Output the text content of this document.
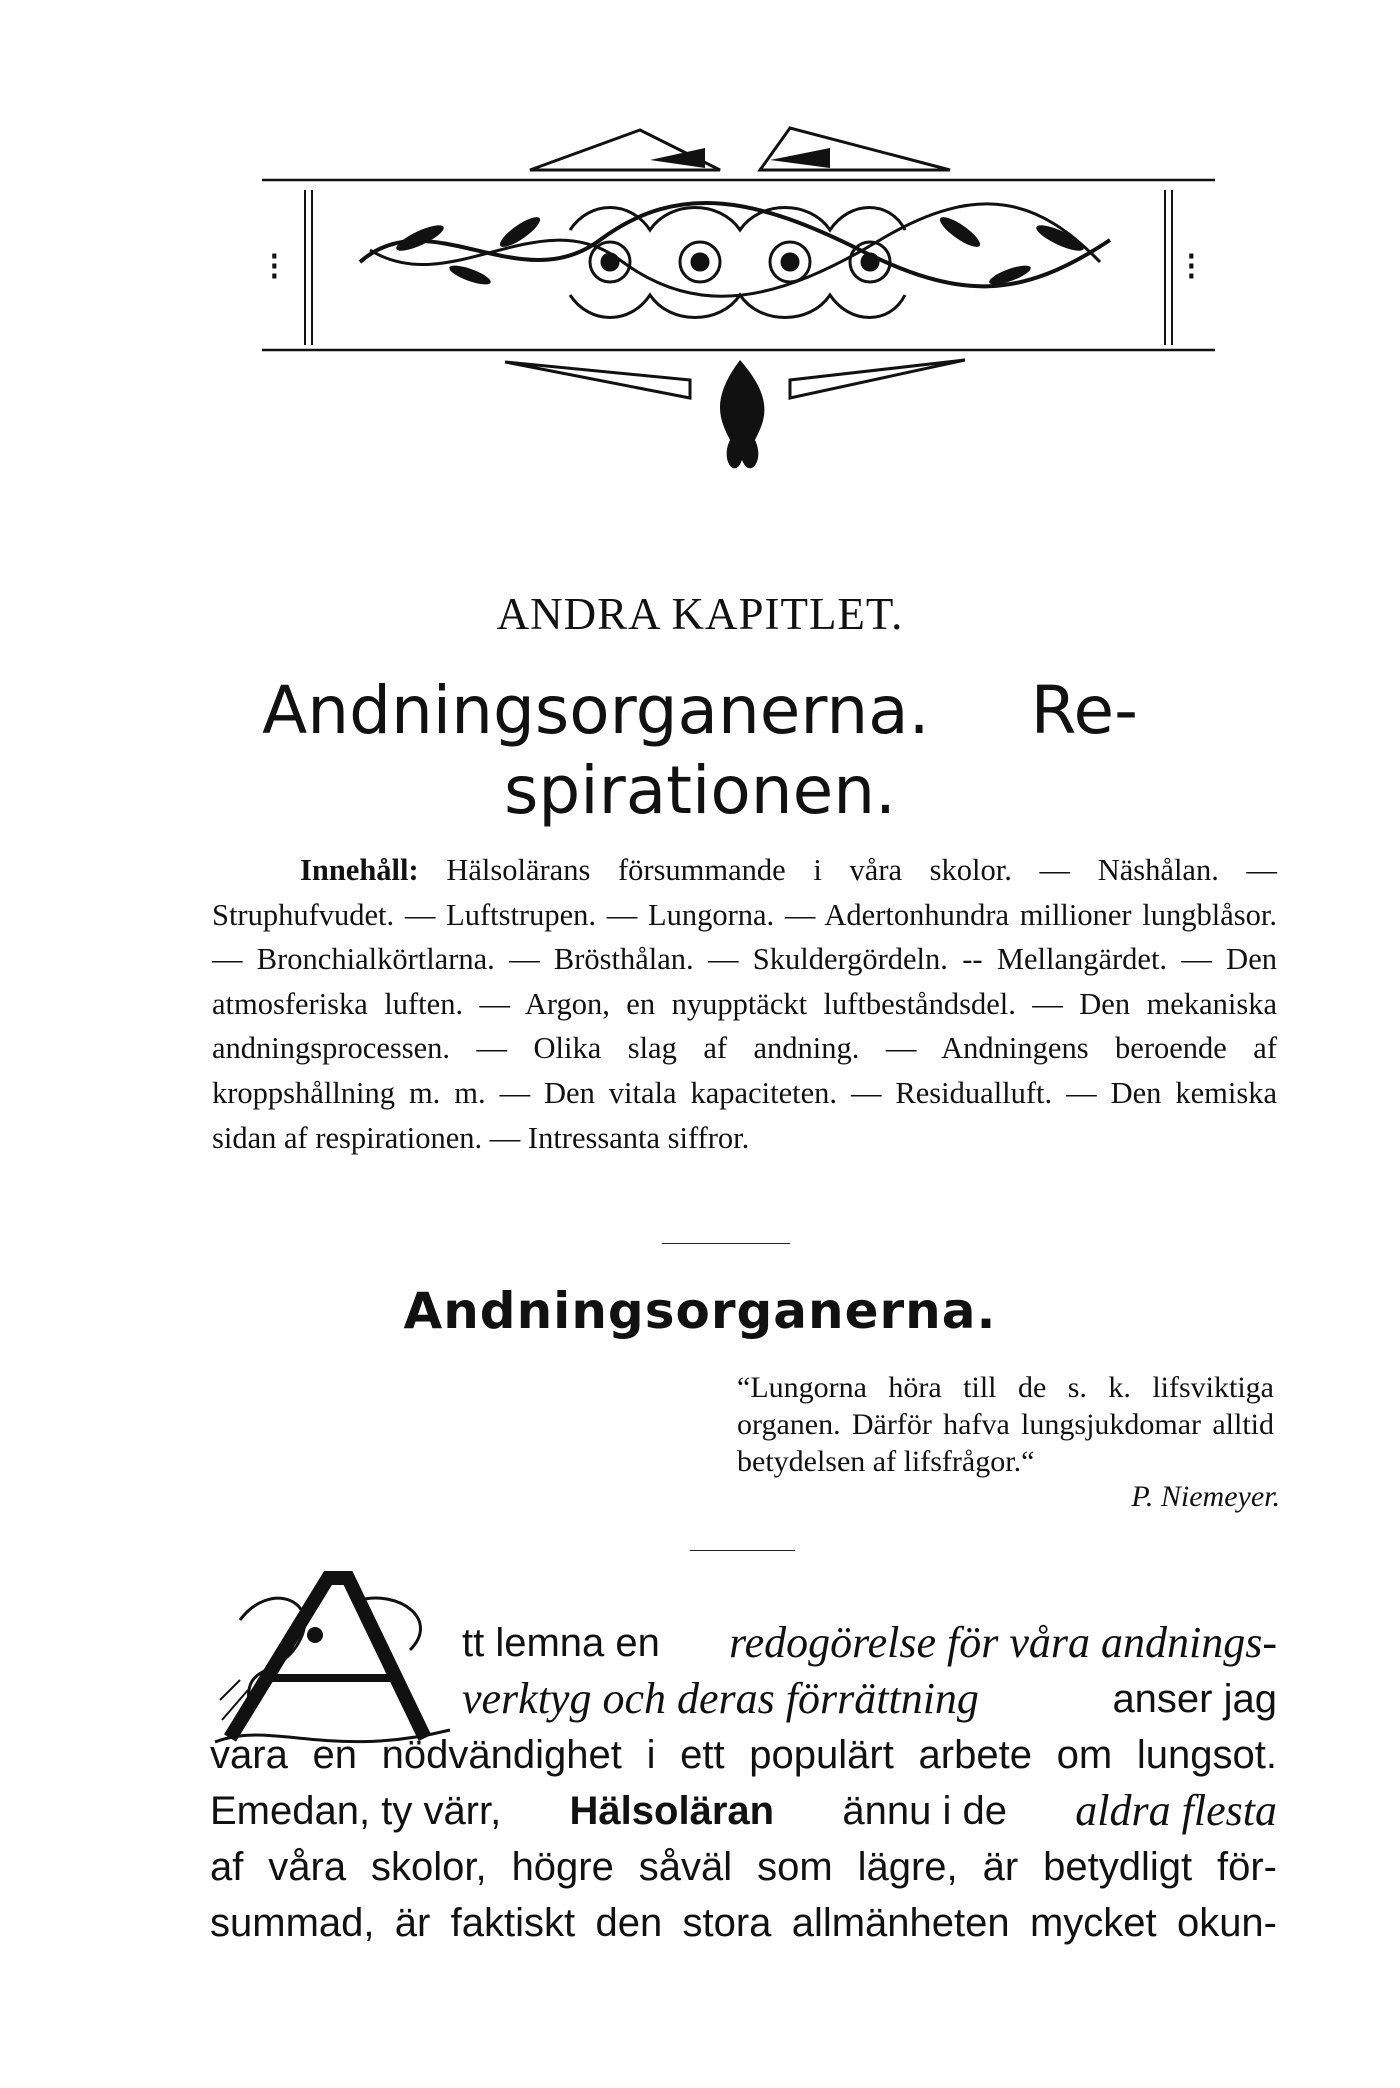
⁝	⁝
ANDRA KAPITLET.
Andningsorganerna. Re-
spirationen.
Innehåll: Hälsolärans försummande i våra skolor. — Näshålan. — Struphufvudet. — Luftstrupen. — Lungorna. — Adertonhundra millioner lungblåsor. — Bronchialkörtlarna. — Brösthålan. — Skuldergördeln. -- Mellangärdet. — Den atmosferiska luften. — Argon, en nyupptäckt luftbeståndsdel. — Den mekaniska andningsprocessen. — Olika slag af andning. — Andningens beroende af kroppshållning m. m. — Den vitala kapaciteten. — Residualluft. — Den kemiska sidan af respirationen. — Intressanta siffror.
Andningsorganerna.
“Lungorna höra till de s. k. lifsviktiga organen. Därför hafva lungsjukdomar alltid betydelsen af lifsfrågor.“
P. Niemeyer.
tt lemna en redogörelse för våra andnings-
verktyg och deras förrättning	anser jag
vara en nödvändighet i ett populärt arbete om lungsot.
Emedan, ty värr, Hälsoläran ännu i de aldra flesta
af våra skolor, högre såväl som lägre, är betydligt för-
summad, är faktiskt den stora allmänheten mycket okun-
